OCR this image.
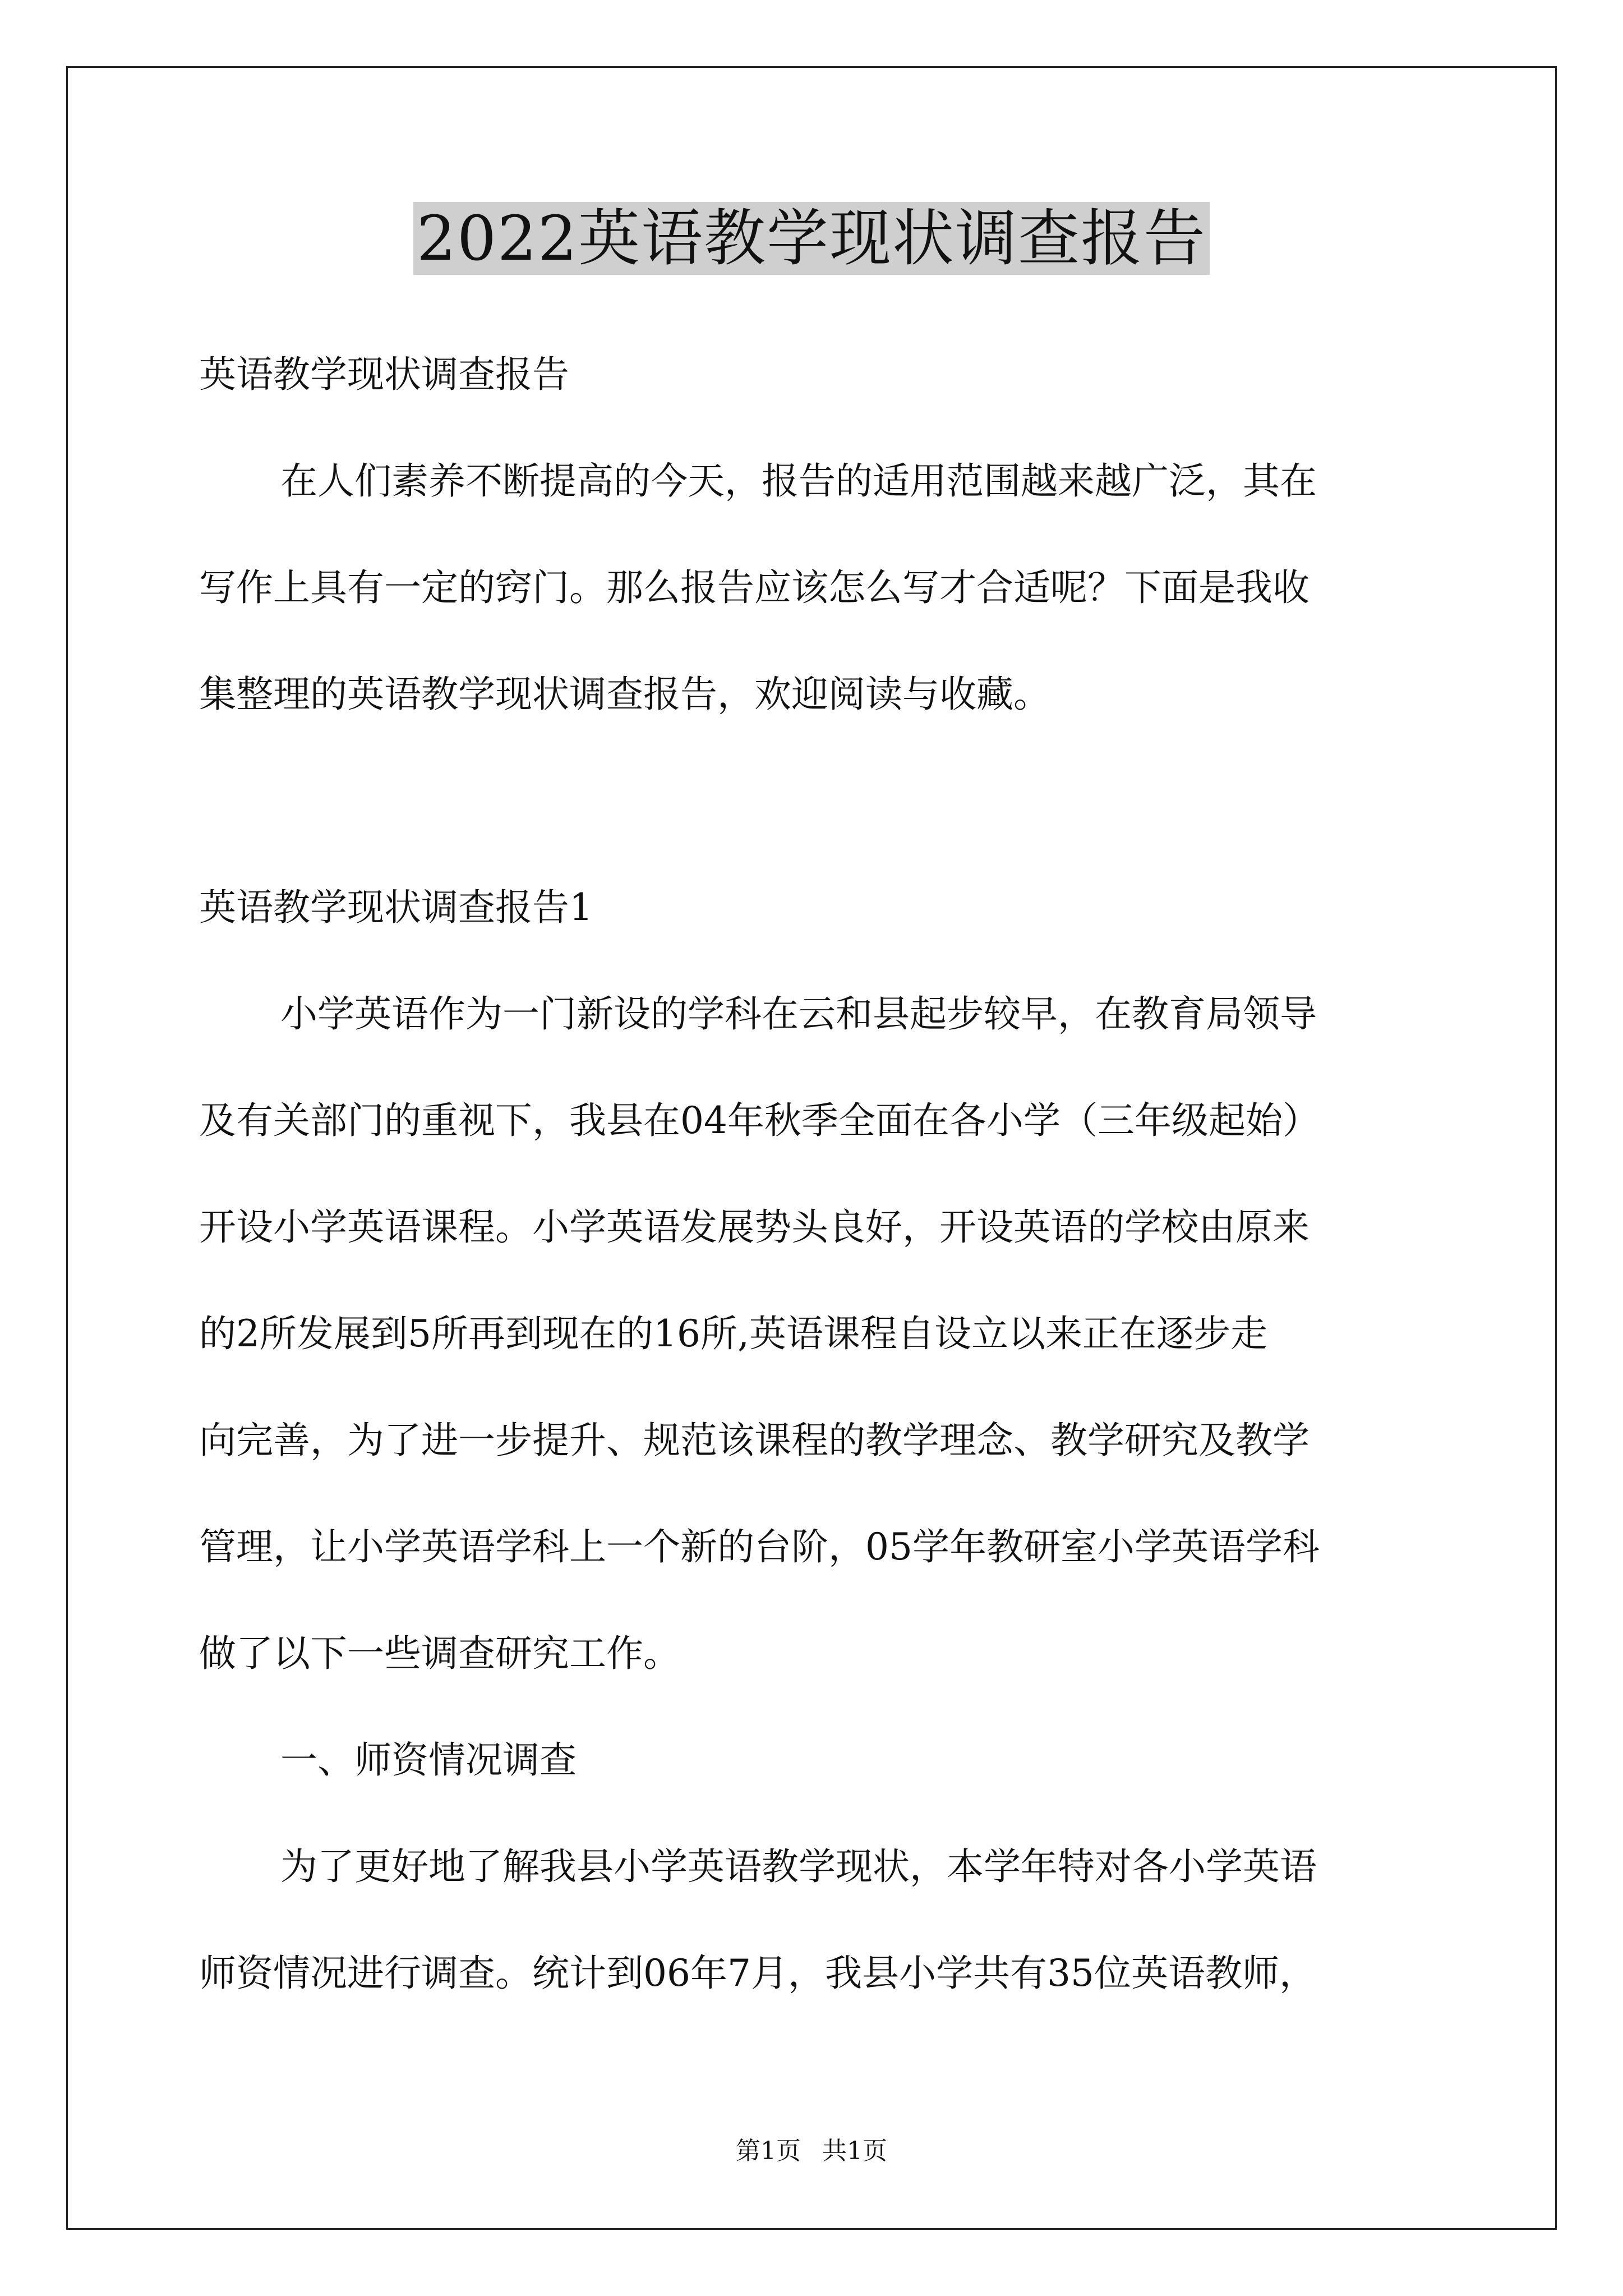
2022英语教学现状调查报告
英语教学现状调查报告
在人们素养不断提高的今天，报告的适用范围越来越广泛，其在
写作上具有一定的窍门。那么报告应该怎么写才合适呢？下面是我收
集整理的英语教学现状调查报告，欢迎阅读与收藏。
英语教学现状调查报告1
小学英语作为一门新设的学科在云和县起步较早，在教育局领导
及有关部门的重视下，我县在04年秋季全面在各小学（三年级起始）
开设小学英语课程。小学英语发展势头良好，开设英语的学校由原来
的2所发展到5所再到现在的16所,英语课程自设立以来正在逐步走
向完善，为了进一步提升、规范该课程的教学理念、教学研究及教学
管理，让小学英语学科上一个新的台阶，05学年教研室小学英语学科
做了以下一些调查研究工作。
一、师资情况调查
为了更好地了解我县小学英语教学现状，本学年特对各小学英语
师资情况进行调查。统计到06年7月，我县小学共有35位英语教师，
第1页 共1页
